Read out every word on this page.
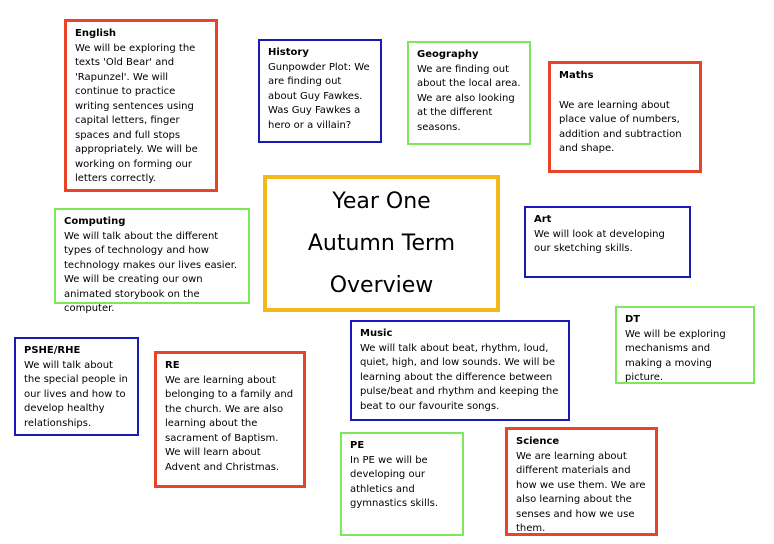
Year One
Autumn Term
Overview
English
We will be exploring the texts 'Old Bear' and 'Rapunzel'. We will continue to practice writing sentences using capital letters, finger spaces and full stops appropriately. We will be working on forming our letters correctly.
History
Gunpowder Plot: We are finding out about Guy Fawkes. Was Guy Fawkes a hero or a villain?
Geography
We are finding out about the local area. We are also looking at the different seasons.
Maths
We are learning about place value of numbers, addition and subtraction and shape.
Computing
We will talk about the different types of technology and how technology makes our lives easier. We will be creating our own animated storybook on the computer.
Art
We will look at developing our sketching skills.
DT
We will be exploring mechanisms and making a moving picture.
PSHE/RHE
We will talk about the special people in our lives and how to develop healthy relationships.
RE
We are learning about belonging to a family and the church. We are also learning about the sacrament of Baptism. We will learn about Advent and Christmas.
Music
We will talk about beat, rhythm, loud, quiet, high, and low sounds. We will be learning about the difference between pulse/beat and rhythm and keeping the beat to our favourite songs.
PE
In PE we will be developing our athletics and gymnastics skills.
Science
We are learning about different materials and how we use them. We are also learning about the senses and how we use them.
